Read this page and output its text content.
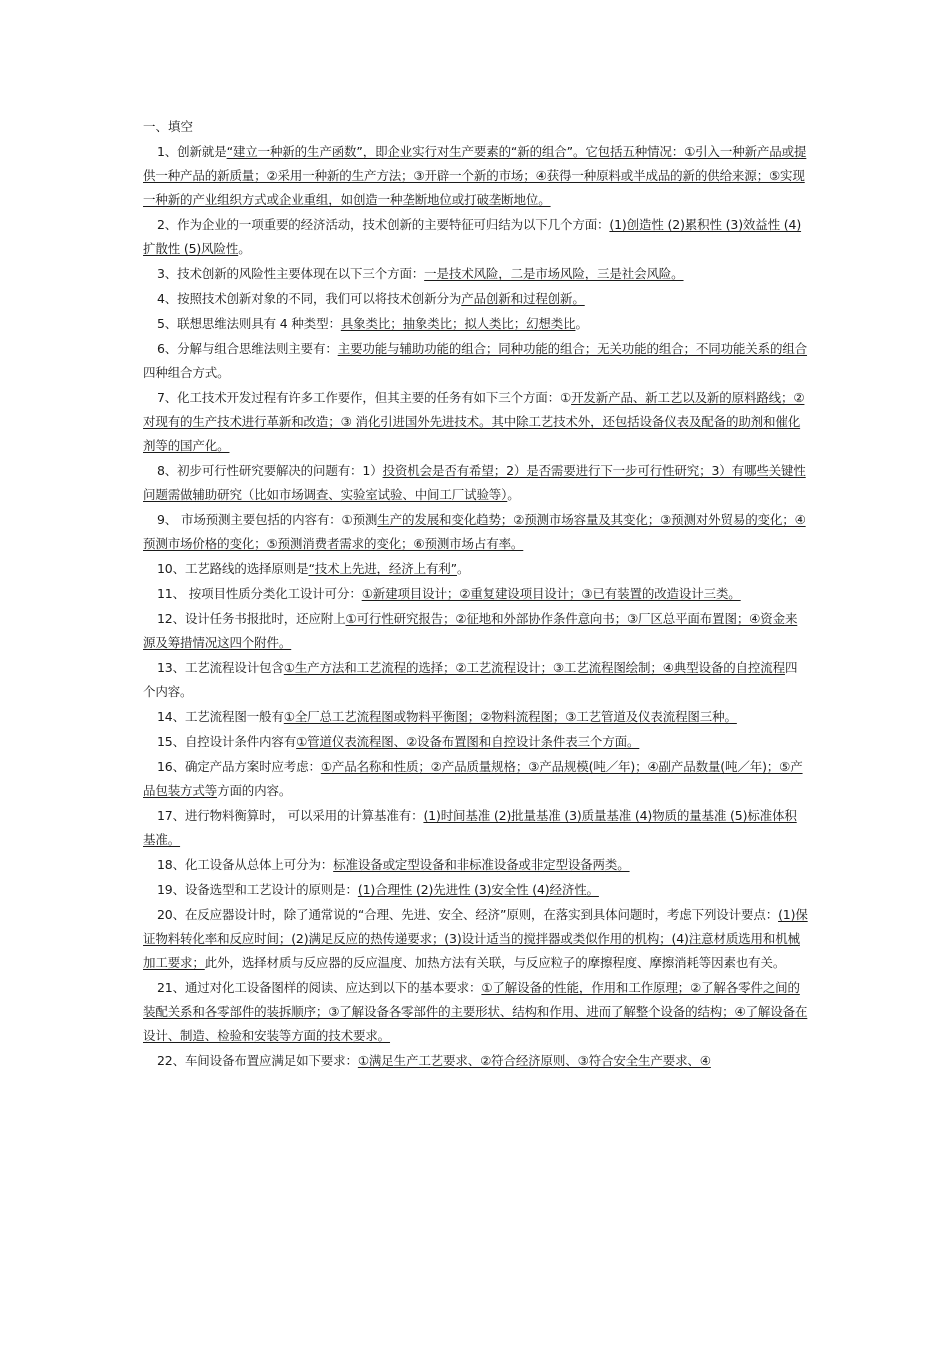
一、填空
1、创新就是“建立一种新的生产函数”，即企业实行对生产要素的“新的组合”。它包括五种情况：①引入一种新产品或提供一种产品的新质量；②采用一种新的生产方法；③开辟一个新的市场；④获得一种原料或半成品的新的供给来源；⑤实现一种新的产业组织方式或企业重组，如创造一种垄断地位或打破垄断地位。
2、作为企业的一项重要的经济活动，技术创新的主要特征可归结为以下几个方面：(1)创造性 (2)累积性 (3)效益性 (4)扩散性 (5)风险性。
3、技术创新的风险性主要体现在以下三个方面：一是技术风险，二是市场风险，三是社会风险。
4、按照技术创新对象的不同，我们可以将技术创新分为产品创新和过程创新。
5、联想思维法则具有 4 种类型：具象类比；抽象类比；拟人类比；幻想类比。
6、分解与组合思维法则主要有：主要功能与辅助功能的组合；同种功能的组合；无关功能的组合；不同功能关系的组合四种组合方式。
7、化工技术开发过程有许多工作要作，但其主要的任务有如下三个方面：①开发新产品、新工艺以及新的原料路线；② 对现有的生产技术进行革新和改造；③ 消化引进国外先进技术。其中除工艺技术外，还包括设备仪表及配备的助剂和催化剂等的国产化。
8、初步可行性研究要解决的问题有：1）投资机会是否有希望；2）是否需要进行下一步可行性研究；3）有哪些关键性问题需做辅助研究（比如市场调查、实验室试验、中间工厂试验等）。
9、 市场预测主要包括的内容有：①预测生产的发展和变化趋势；②预测市场容量及其变化；③预测对外贸易的变化；④预测市场价格的变化；⑤预测消费者需求的变化；⑥预测市场占有率。
10、工艺路线的选择原则是“技术上先进，经济上有利”。
11、 按项目性质分类化工设计可分：①新建项目设计；②重复建设项目设计；③已有装置的改造设计三类。
12、设计任务书报批时，还应附上①可行性研究报告；②征地和外部协作条件意向书；③厂区总平面布置图；④资金来源及筹措情况这四个附件。
13、工艺流程设计包含①生产方法和工艺流程的选择；②工艺流程设计；③工艺流程图绘制；④典型设备的自控流程四个内容。
14、工艺流程图一般有①全厂总工艺流程图或物料平衡图；②物料流程图；③工艺管道及仪表流程图三种。
15、自控设计条件内容有①管道仪表流程图、②设备布置图和自控设计条件表三个方面。
16、确定产品方案时应考虑：①产品名称和性质；②产品质量规格；③产品规模(吨／年)；④副产品数量(吨／年)；⑤产品包装方式等方面的内容。
17、进行物料衡算时， 可以采用的计算基准有：(1)时间基准 (2)批量基准 (3)质量基准 (4)物质的量基准 (5)标准体积基准。
18、化工设备从总体上可分为：标准设备或定型设备和非标准设备或非定型设备两类。
19、设备选型和工艺设计的原则是：(1)合理性 (2)先进性 (3)安全性 (4)经济性。
20、在反应器设计时，除了通常说的“合理、先进、安全、经济”原则，在落实到具体问题时，考虑下列设计要点：(1)保证物料转化率和反应时间；(2)满足反应的热传递要求；(3)设计适当的搅拌器或类似作用的机构；(4)注意材质选用和机械加工要求；此外，选择材质与反应器的反应温度、加热方法有关联，与反应粒子的摩擦程度、摩擦消耗等因素也有关。
21、通过对化工设备图样的阅读、应达到以下的基本要求：①了解设备的性能，作用和工作原理；②了解各零件之间的装配关系和各零部件的装拆顺序；③了解设备各零部件的主要形状、结构和作用、进而了解整个设备的结构；④了解设备在设计、制造、检验和安装等方面的技术要求。
22、车间设备布置应满足如下要求：①满足生产工艺要求、②符合经济原则、③符合安全生产要求、④
